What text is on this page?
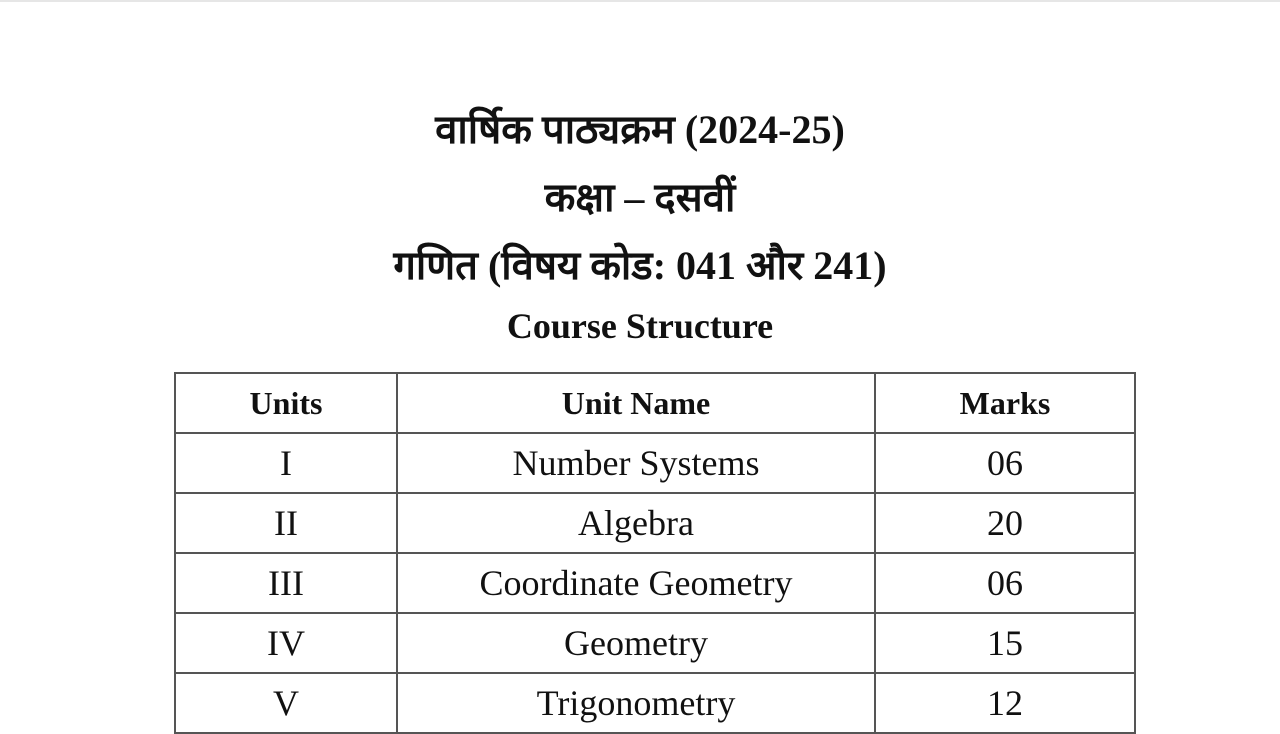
वार्षिक पाठ्यक्रम (2024-25)
कक्षा – दसवीं
गणित (विषय कोड: 041 और 241)
Course Structure
Units	Unit Name	Marks
I	Number Systems	06
II	Algebra	20
III	Coordinate Geometry	06
IV	Geometry	15
V	Trigonometry	12
